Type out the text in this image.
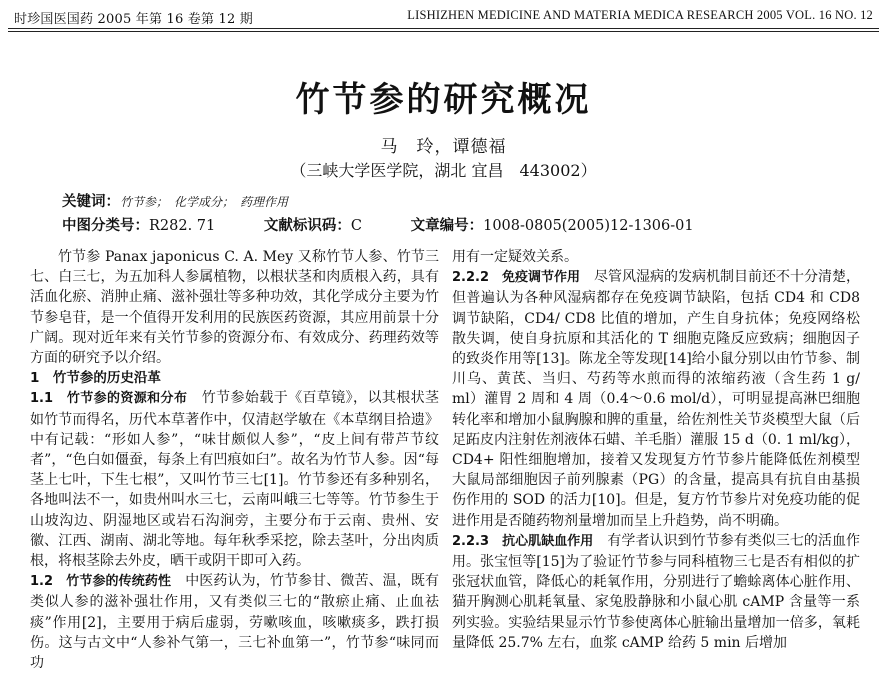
时珍国医国药 2005 年第 16 卷第 12 期	LISHIZHEN MEDICINE AND MATERIA MEDICA RESEARCH 2005 VOL. 16 NO. 12
竹节参的研究概况
马　玲，谭德福
（三峡大学医学院，湖北 宜昌　443002）
关键词：竹节参；　化学成分；　药理作用
中图分类号：R282. 71	文献标识码：C	文章编号：1008-0805(2005)12-1306-01

竹节参 Panax japonicus C. A. Mey 又称竹节人参、竹节三七、白三七，为五加科人参属植物，以根状茎和肉质根入药，具有活血化瘀、消肿止痛、滋补强壮等多种功效，其化学成分主要为竹节参皂苷，是一个值得开发利用的民族医药资源，其应用前景十分广阔。现对近年来有关竹节参的资源分布、有效成分、药理药效等方面的研究予以介绍。

1　竹节参的历史沿革

1.1　竹节参的资源和分布　 竹节参始载于《百草镜》，以其根状茎如竹节而得名，历代本草著作中，仅清赵学敏在《本草纲目拾遗》中有记载：“形如人参”，“味甘颇似人参”，“皮上间有带芦节纹者”，“色白如僵蚕，每条上有凹痕如臼”。故名为竹节人参。因“每茎上七叶，下生七根”，又叫竹节三七[1]。竹节参还有多种别名，各地叫法不一，如贵州叫水三七，云南叫峨三七等等。竹节参生于山坡沟边、阴湿地区或岩石沟涧旁，主要分布于云南、贵州、安徽、江西、湖南、湖北等地。每年秋季采挖，除去茎叶，分出肉质根，将根茎除去外皮，晒干或阴干即可入药。

1.2　竹节参的传统药性　 中医药认为，竹节参甘、微苦、温，既有类似人参的滋补强壮作用，又有类似三七的“散瘀止痛、止血祛痰”作用[2]，主要用于病后虚弱，劳嗽咳血，咳嗽痰多，跌打损伤。这与古文中“人参补气第一，三七补血第一”，竹节参“味同而功

用有一定疑效关系。

2.2.2　免疫调节作用　 尽管风湿病的发病机制目前还不十分清楚，但普遍认为各种风湿病都存在免疫调节缺陷，包括 CD4 和 CD8 调节缺陷，CD4/ CD8 比值的增加，产生自身抗体；免疫网络松散失调，使自身抗原和其活化的 T 细胞克隆反应致病；细胞因子的致炎作用等[13]。陈龙全等发现[14]给小鼠分别以由竹节参、制川乌、黄芪、当归、芍药等水煎而得的浓缩药液（含生药 1 g/ ml）灌胃 2 周和 4 周（0.4～0.6 mol/d），可明显提高淋巴细胞转化率和增加小鼠胸腺和脾的重量，给佐剂性关节炎模型大鼠（后足跖皮内注射佐剂液体石蜡、羊毛脂）灌服 15 d（0. 1 ml/kg），CD4+ 阳性细胞增加，接着又发现复方竹节参片能降低佐剂模型大鼠局部细胞因子前列腺素（PG）的含量，提高具有抗自由基损伤作用的 SOD 的活力[10]。但是，复方竹节参片对免疫功能的促进作用是否随药物剂量增加而呈上升趋势，尚不明确。

2.2.3　抗心肌缺血作用　 有学者认识到竹节参有类似三七的活血作用。张宝恒等[15]为了验证竹节参与同科植物三七是否有相似的扩张冠状血管，降低心的耗氧作用，分别进行了蟾蜍离体心脏作用、猫开胸测心肌耗氧量、家兔股静脉和小鼠心肌 cAMP 含量等一系列实验。实验结果显示竹节参使离体心脏输出量增加一倍多，氧耗量降低 25.7% 左右，血浆 cAMP 给药 5 min 后增加
